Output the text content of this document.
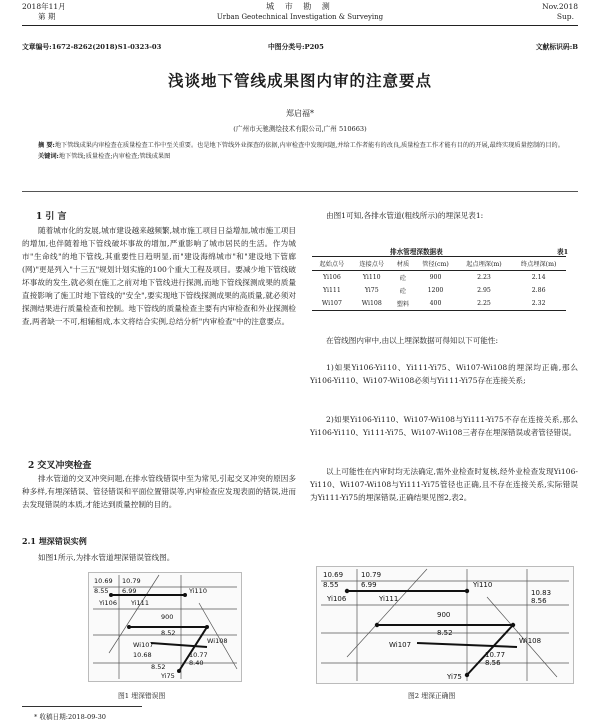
2018年11月
第 期
城 市 勘 测
Urban Geotechnical Investigation & Surveying
Nov.2018
Sup.
文章编号:1672-8262(2018)S1-0323-03	中图分类号:P205	文献标识码:B
浅谈地下管线成果图内审的注意要点
郑启福*
(广州市天驰测绘技术有限公司,广州 510663)
摘 要:地下管线成果内审检查在质量检查工作中至关重要。也是地下管线外业探查的依据,内审检查中发现问题,并给工作者能有的改良,质量检查工作才能有目的的开展,最终实现质量控制的目的。
关键词:地下管线;质量检查;内审检查;管线成果图
1 引 言
随着城市化的发展,城市建设越来越频繁,城市施工项目日益增加,城市施工项目的增加,也伴随着地下管线破坏事故的增加,严重影响了城市居民的生活。作为城市"生命线"的地下管线,其重要性日趋明显,而"建设海绵城市"和"建设地下管廊(网)"更是列入"十三五"规划计划实施的100个重大工程及项目。要减少地下管线破坏事故的发生,就必须在施工之前对地下管线进行探测,而地下管线探测成果的质量直接影响了施工时地下管线的"安全",要实现地下管线探测成果的高质量,就必须对探测结果进行质量检查和控制。地下管线的质量检查主要有内审检查和外业探测检查,两者缺一不可,相辅相成,本文将结合实例,总结分析"内审检查"中的注意要点。
2 交叉冲突检查
排水管道的交叉冲突问题,在排水管线错误中至为常见,引起交叉冲突的原因多种多样,有埋深错误、管径错误和平面位置错误等,内审检查应发现表面的错误,进而去发现错误的本质,才能达到质量控制的目的。
2.1 埋深错误实例
如图1所示,为排水管道埋深错误管线图。
由图1可知,各排水管道(粗线所示)的埋深见表1:
排水管埋深数据表	表1
起始点号	连接点号	材质	管径(cm)	起点埋深(m)	终点埋深(m)
Yi106	Yi110	砼	900	2.23	2.14
Yi111	Yi75	砼	1200	2.95	2.86
Wi107	Wi108	塑料	400	2.25	2.32
在管线图内审中,由以上埋深数据可得知以下可能性:
1)如果Yi106-Yi110、Yi111-Yi75、Wi107-Wi108的埋深均正确,那么Yi106-Yi110、Wi107-Wi108必须与Yi111-Yi75存在连接关系;
2)如果Yi106-Yi110、Wi107-Wi108与Yi111-Yi75不存在连接关系,那么Yi106-Yi110、Yi111-Yi75、Wi107-Wi108三者存在埋深错误或者管径错误。
以上可能性在内审时均无法确定,需外业检查时复核,经外业检查发现Yi106-Yi110、Wi107-Wi108与Yi111-Yi75管径也正确,且不存在连接关系,实际错误为Yi111-Yi75的埋深错误,正确结果见图2,表2。
10.69 10.79
8.55 6.99
Yi111
Yi110
Yi106
900
8.52
Wi107
10.68
Wi108
10.77
8.40
8.52
Yi75
图1 埋深错误图
10.69	10.79
8.55	6.99
10.83
8.56
Yi111
Yi110
Yi106
900
8.52
Wi107	Wi108
10.77
8.56
Yi75
图2 埋深正确图
* 收稿日期:2018-09-30
